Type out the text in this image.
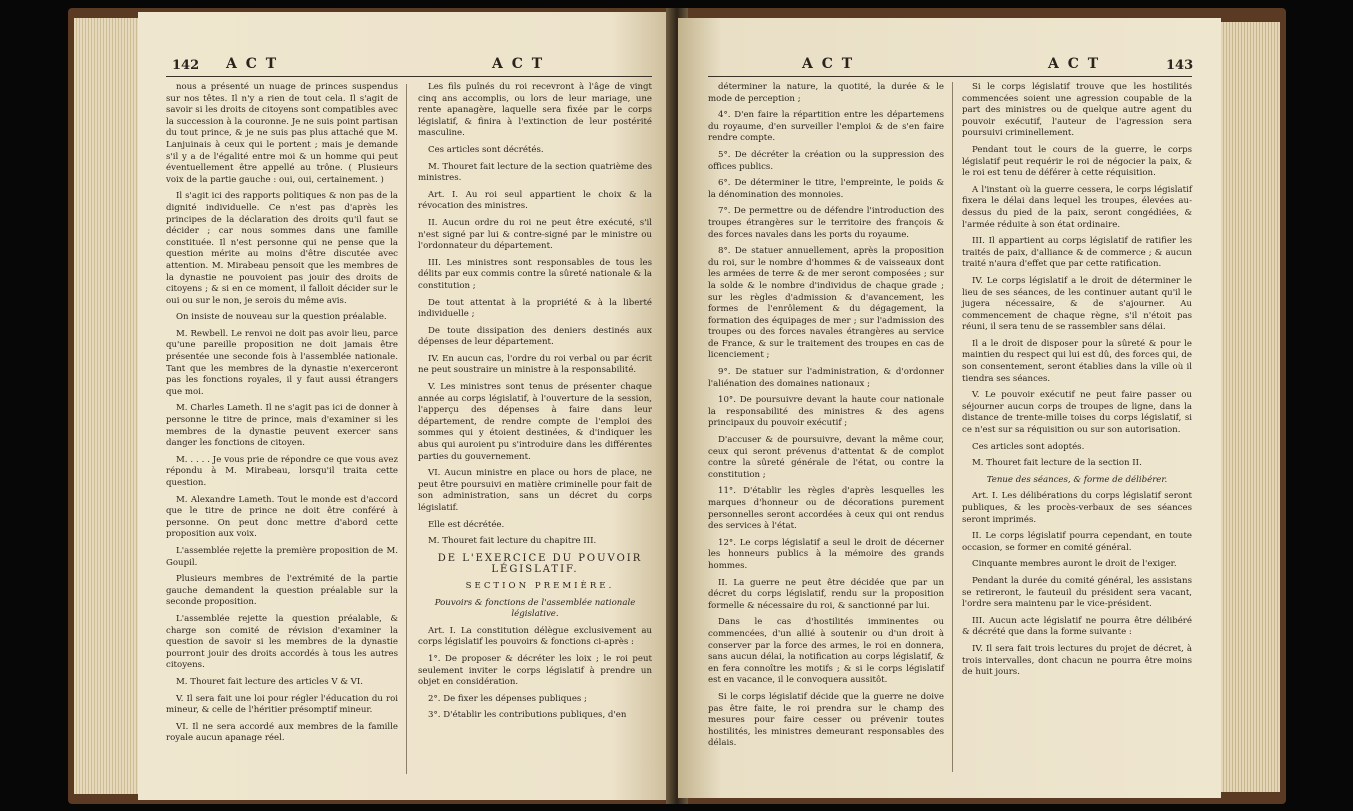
142 A C T	A C T

nous a présenté un nuage de princes suspendus sur nos têtes. Il n'y a rien de tout cela. Il s'agit de savoir si les droits de citoyens sont compatibles avec la succession à la couronne. Je ne suis point partisan du tout prince, & je ne suis pas plus attaché que M. Lanjuinais à ceux qui le portent ; mais je demande s'il y a de l'égalité entre moi & un homme qui peut éventuellement être appellé au trône. ( Plusieurs voix de la partie gauche : oui, oui, certainement. )

Il s'agit ici des rapports politiques & non pas de la dignité individuelle. Ce n'est pas d'après les principes de la déclaration des droits qu'il faut se décider ; car nous sommes dans une famille constituée. Il n'est personne qui ne pense que la question mérite au moins d'être discutée avec attention. M. Mirabeau pensoit que les membres de la dynastie ne pouvoient pas jouir des droits de citoyens ; & si en ce moment, il falloit décider sur le oui ou sur le non, je serois du même avis.

On insiste de nouveau sur la question préalable.

M. Rewbell. Le renvoi ne doit pas avoir lieu, parce qu'une pareille proposition ne doit jamais être présentée une seconde fois à l'assemblée nationale. Tant que les membres de la dynastie n'exerceront pas les fonctions royales, il y faut aussi étrangers que moi.

M. Charles Lameth. Il ne s'agit pas ici de donner à personne le titre de prince, mais d'examiner si les membres de la dynastie peuvent exercer sans danger les fonctions de citoyen.

M. . . . . Je vous prie de répondre ce que vous avez répondu à M. Mirabeau, lorsqu'il traita cette question.

M. Alexandre Lameth. Tout le monde est d'accord que le titre de prince ne doit être conféré à personne. On peut donc mettre d'abord cette proposition aux voix.

L'assemblée rejette la première proposition de M. Goupil.

Plusieurs membres de l'extrémité de la partie gauche demandent la question préalable sur la seconde proposition.

L'assemblée rejette la question préalable, & charge son comité de révision d'examiner la question de savoir si les membres de la dynastie pourront jouir des droits accordés à tous les autres citoyens.

M. Thouret fait lecture des articles V & VI.

V. Il sera fait une loi pour régler l'éducation du roi mineur, & celle de l'héritier présomptif mineur.

VI. Il ne sera accordé aux membres de la famille royale aucun apanage réel.

Les fils puînés du roi recevront à l'âge de vingt cinq ans accomplis, ou lors de leur mariage, une rente apanagère, laquelle sera fixée par le corps législatif, & finira à l'extinction de leur postérité masculine.

Ces articles sont décrétés.

M. Thouret fait lecture de la section quatrième des ministres.

Art. I. Au roi seul appartient le choix & la révocation des ministres.

II. Aucun ordre du roi ne peut être exécuté, s'il n'est signé par lui & contre-signé par le ministre ou l'ordonnateur du département.

III. Les ministres sont responsables de tous les délits par eux commis contre la sûreté nationale & la constitution ;

De tout attentat à la propriété & à la liberté individuelle ;

De toute dissipation des deniers destinés aux dépenses de leur département.

IV. En aucun cas, l'ordre du roi verbal ou par écrit ne peut soustraire un ministre à la responsabilité.

V. Les ministres sont tenus de présenter chaque année au corps législatif, à l'ouverture de la session, l'apperçu des dépenses à faire dans leur département, de rendre compte de l'emploi des sommes qui y étoient destinées, & d'indiquer les abus qui auroient pu s'introduire dans les différentes parties du gouvernement.

VI. Aucun ministre en place ou hors de place, ne peut être poursuivi en matière criminelle pour fait de son administration, sans un décret du corps législatif.

Elle est décrétée.

M. Thouret fait lecture du chapitre III.

DE L'EXERCICE DU POUVOIR LÉGISLATIF.

SECTION PREMIÈRE.

Pouvoirs & fonctions de l'assemblée nationale législative.

Art. I. La constitution délègue exclusivement au corps législatif les pouvoirs & fonctions ci-après :

1°. De proposer & décréter les loix ; le roi peut seulement inviter le corps législatif à prendre un objet en considération.

2°. De fixer les dépenses publiques ;

3°. D'établir les contributions publiques, d'en

A C T	A C T	143

déterminer la nature, la quotité, la durée & le mode de perception ;

4°. D'en faire la répartition entre les départemens du royaume, d'en surveiller l'emploi & de s'en faire rendre compte.

5°. De décréter la création ou la suppression des offices publics.

6°. De déterminer le titre, l'empreinte, le poids & la dénomination des monnoies.

7°. De permettre ou de défendre l'introduction des troupes étrangères sur le territoire des françois & des forces navales dans les ports du royaume.

8°. De statuer annuellement, après la proposition du roi, sur le nombre d'hommes & de vaisseaux dont les armées de terre & de mer seront composées ; sur la solde & le nombre d'individus de chaque grade ; sur les règles d'admission & d'avancement, les formes de l'enrôlement & du dégagement, la formation des équipages de mer ; sur l'admission des troupes ou des forces navales étrangères au service de France, & sur le traitement des troupes en cas de licenciement ;

9°. De statuer sur l'administration, & d'ordonner l'aliénation des domaines nationaux ;

10°. De poursuivre devant la haute cour nationale la responsabilité des ministres & des agens principaux du pouvoir exécutif ;

D'accuser & de poursuivre, devant la même cour, ceux qui seront prévenus d'attentat & de complot contre la sûreté générale de l'état, ou contre la constitution ;

11°. D'établir les règles d'après lesquelles les marques d'honneur ou de décorations purement personnelles seront accordées à ceux qui ont rendus des services à l'état.

12°. Le corps législatif a seul le droit de décerner les honneurs publics à la mémoire des grands hommes.

II. La guerre ne peut être décidée que par un décret du corps législatif, rendu sur la proposition formelle & nécessaire du roi, & sanctionné par lui.

Dans le cas d'hostilités imminentes ou commencées, d'un allié à soutenir ou d'un droit à conserver par la force des armes, le roi en donnera, sans aucun délai, la notification au corps législatif, & en fera connoître les motifs ; & si le corps législatif est en vacance, il le convoquera aussitôt.

Si le corps législatif décide que la guerre ne doive pas être faite, le roi prendra sur le champ des mesures pour faire cesser ou prévenir toutes hostilités, les ministres demeurant responsables des délais.

Si le corps législatif trouve que les hostilités commencées soient une agression coupable de la part des ministres ou de quelque autre agent du pouvoir exécutif, l'auteur de l'agression sera poursuivi criminellement.

Pendant tout le cours de la guerre, le corps législatif peut requérir le roi de négocier la paix, & le roi est tenu de déférer à cette réquisition.

A l'instant où la guerre cessera, le corps législatif fixera le délai dans lequel les troupes, élevées au-dessus du pied de la paix, seront congédiées, & l'armée réduite à son état ordinaire.

III. Il appartient au corps législatif de ratifier les traités de paix, d'alliance & de commerce ; & aucun traité n'aura d'effet que par cette ratification.

IV. Le corps législatif a le droit de déterminer le lieu de ses séances, de les continuer autant qu'il le jugera nécessaire, & de s'ajourner. Au commencement de chaque règne, s'il n'étoit pas réuni, il sera tenu de se rassembler sans délai.

Il a le droit de disposer pour la sûreté & pour le maintien du respect qui lui est dû, des forces qui, de son consentement, seront établies dans la ville où il tiendra ses séances.

V. Le pouvoir exécutif ne peut faire passer ou séjourner aucun corps de troupes de ligne, dans la distance de trente-mille toises du corps législatif, si ce n'est sur sa réquisition ou sur son autorisation.

Ces articles sont adoptés.

M. Thouret fait lecture de la section II.

Tenue des séances, & forme de délibérer.

Art. I. Les délibérations du corps législatif seront publiques, & les procès-verbaux de ses séances seront imprimés.

II. Le corps législatif pourra cependant, en toute occasion, se former en comité général.

Cinquante membres auront le droit de l'exiger.

Pendant la durée du comité général, les assistans se retireront, le fauteuil du président sera vacant, l'ordre sera maintenu par le vice-président.

III. Aucun acte législatif ne pourra être délibéré & décrété que dans la forme suivante :

IV. Il sera fait trois lectures du projet de décret, à trois intervalles, dont chacun ne pourra être moins de huit jours.
